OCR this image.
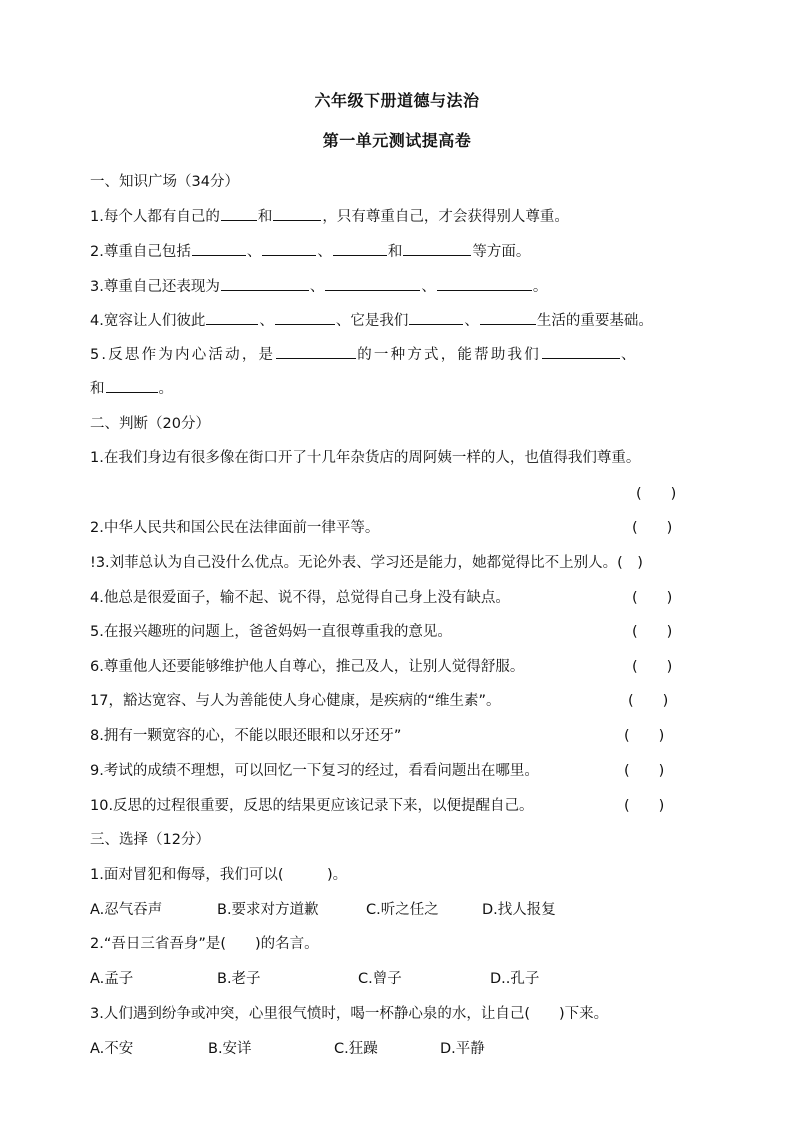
六年级下册道德与法治
第一单元测试提高卷
一、知识广场（34分）
1.每个人都有自己的	和	，只有尊重自己，才会获得别人尊重。
2.尊重自己包括	、	、	和	等方面。
3.尊重自己还表现为	、	、	。
4.宽容让人们彼此	、	、它是我们	、	生活的重要基础。
5.反思作为内心活动，是	的一种方式，能帮助我们	、
和	。
二、判断（20分）
1.在我们身边有很多像在街口开了十几年杂货店的周阿姨一样的人，也值得我们尊重。
(　　)
2.中华人民共和国公民在法律面前一律平等。	(　　)
!3.刘菲总认为自己没什么优点。无论外表、学习还是能力，她都觉得比不上别人。(　)
4.他总是很爱面子，输不起、说不得，总觉得自己身上没有缺点。	(　　)
5.在报兴趣班的问题上，爸爸妈妈一直很尊重我的意见。	(　　)
6.尊重他人还要能够维护他人自尊心，推己及人，让别人觉得舒服。	(　　)
17，豁达宽容、与人为善能使人身心健康，是疾病的“维生素”。	(　　)
8.拥有一颗宽容的心，不能以眼还眼和以牙还牙”	(　　)
9.考试的成绩不理想，可以回忆一下复习的经过，看看问题出在哪里。	(　　)
10.反思的过程很重要，反思的结果更应该记录下来，以便提醒自己。	(　　)
三、选择（12分）
1.面对冒犯和侮辱，我们可以(　　　)。
A.忍气吞声	B.要求对方道歉	C.听之任之	D.找人报复
2.“吾日三省吾身”是(　　)的名言。
A.孟子	B.老子	C.曾子	D..孔子
3.人们遇到纷争或冲突，心里很气愤时，喝一杯静心泉的水，让自己(　　)下来。
A.不安	B.安详	C.狂躁	D.平静
